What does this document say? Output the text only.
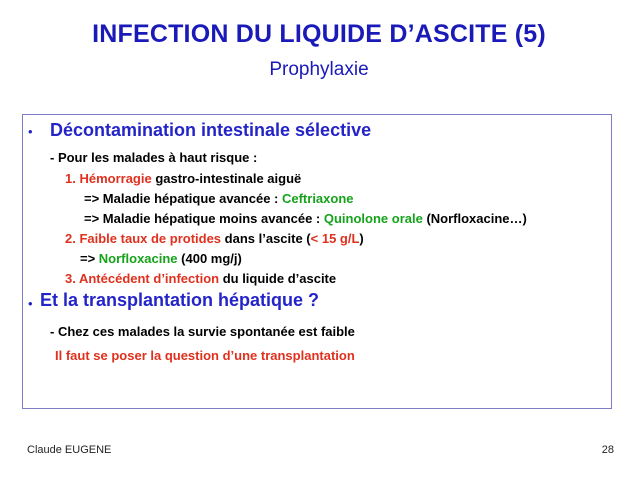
INFECTION DU LIQUIDE D’ASCITE (5)
Prophylaxie
• Décontamination intestinale sélective
- Pour les malades à haut risque :
1. Hémorragie gastro-intestinale aiguë
=> Maladie hépatique avancée : Ceftriaxone
=> Maladie hépatique moins avancée : Quinolone orale (Norfloxacine…)
2. Faible taux de protides dans l’ascite (< 15 g/L)
=> Norfloxacine (400 mg/j)
3. Antécédent d’infection du liquide d’ascite
• Et la transplantation hépatique ?
- Chez ces malades la survie spontanée est faible
Il faut se poser la question d’une transplantation
Claude EUGENE	28
